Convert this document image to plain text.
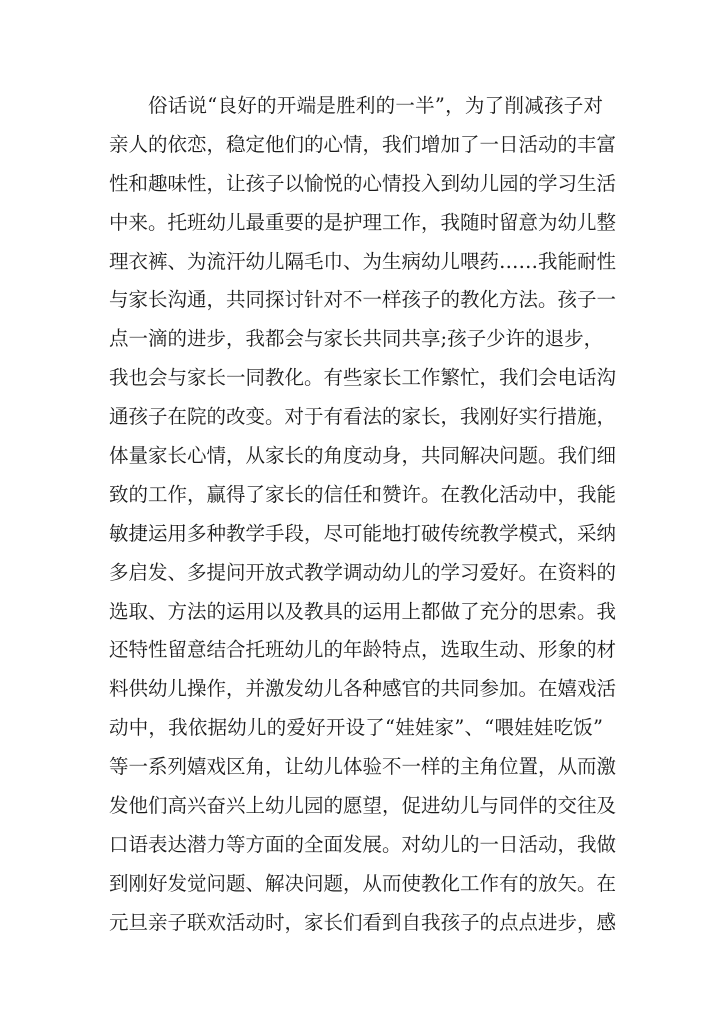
俗话说“良好的开端是胜利的一半”，为了削减孩子对
亲人的依恋，稳定他们的心情，我们增加了一日活动的丰富
性和趣味性，让孩子以愉悦的心情投入到幼儿园的学习生活
中来。托班幼儿最重要的是护理工作，我随时留意为幼儿整
理衣裤、为流汗幼儿隔毛巾、为生病幼儿喂药……我能耐性
与家长沟通，共同探讨针对不一样孩子的教化方法。孩子一
点一滴的进步，我都会与家长共同共享;孩子少许的退步，
我也会与家长一同教化。有些家长工作繁忙，我们会电话沟
通孩子在院的改变。对于有看法的家长，我刚好实行措施，
体量家长心情，从家长的角度动身，共同解决问题。我们细
致的工作，赢得了家长的信任和赞许。在教化活动中，我能
敏捷运用多种教学手段，尽可能地打破传统教学模式，采纳
多启发、多提问开放式教学调动幼儿的学习爱好。在资料的
选取、方法的运用以及教具的运用上都做了充分的思索。我
还特性留意结合托班幼儿的年龄特点，选取生动、形象的材
料供幼儿操作，并激发幼儿各种感官的共同参加。在嬉戏活
动中，我依据幼儿的爱好开设了“娃娃家”、“喂娃娃吃饭”
等一系列嬉戏区角，让幼儿体验不一样的主角位置，从而激
发他们高兴奋兴上幼儿园的愿望，促进幼儿与同伴的交往及
口语表达潜力等方面的全面发展。对幼儿的一日活动，我做
到刚好发觉问题、解决问题，从而使教化工作有的放矢。在
元旦亲子联欢活动时，家长们看到自我孩子的点点进步，感
